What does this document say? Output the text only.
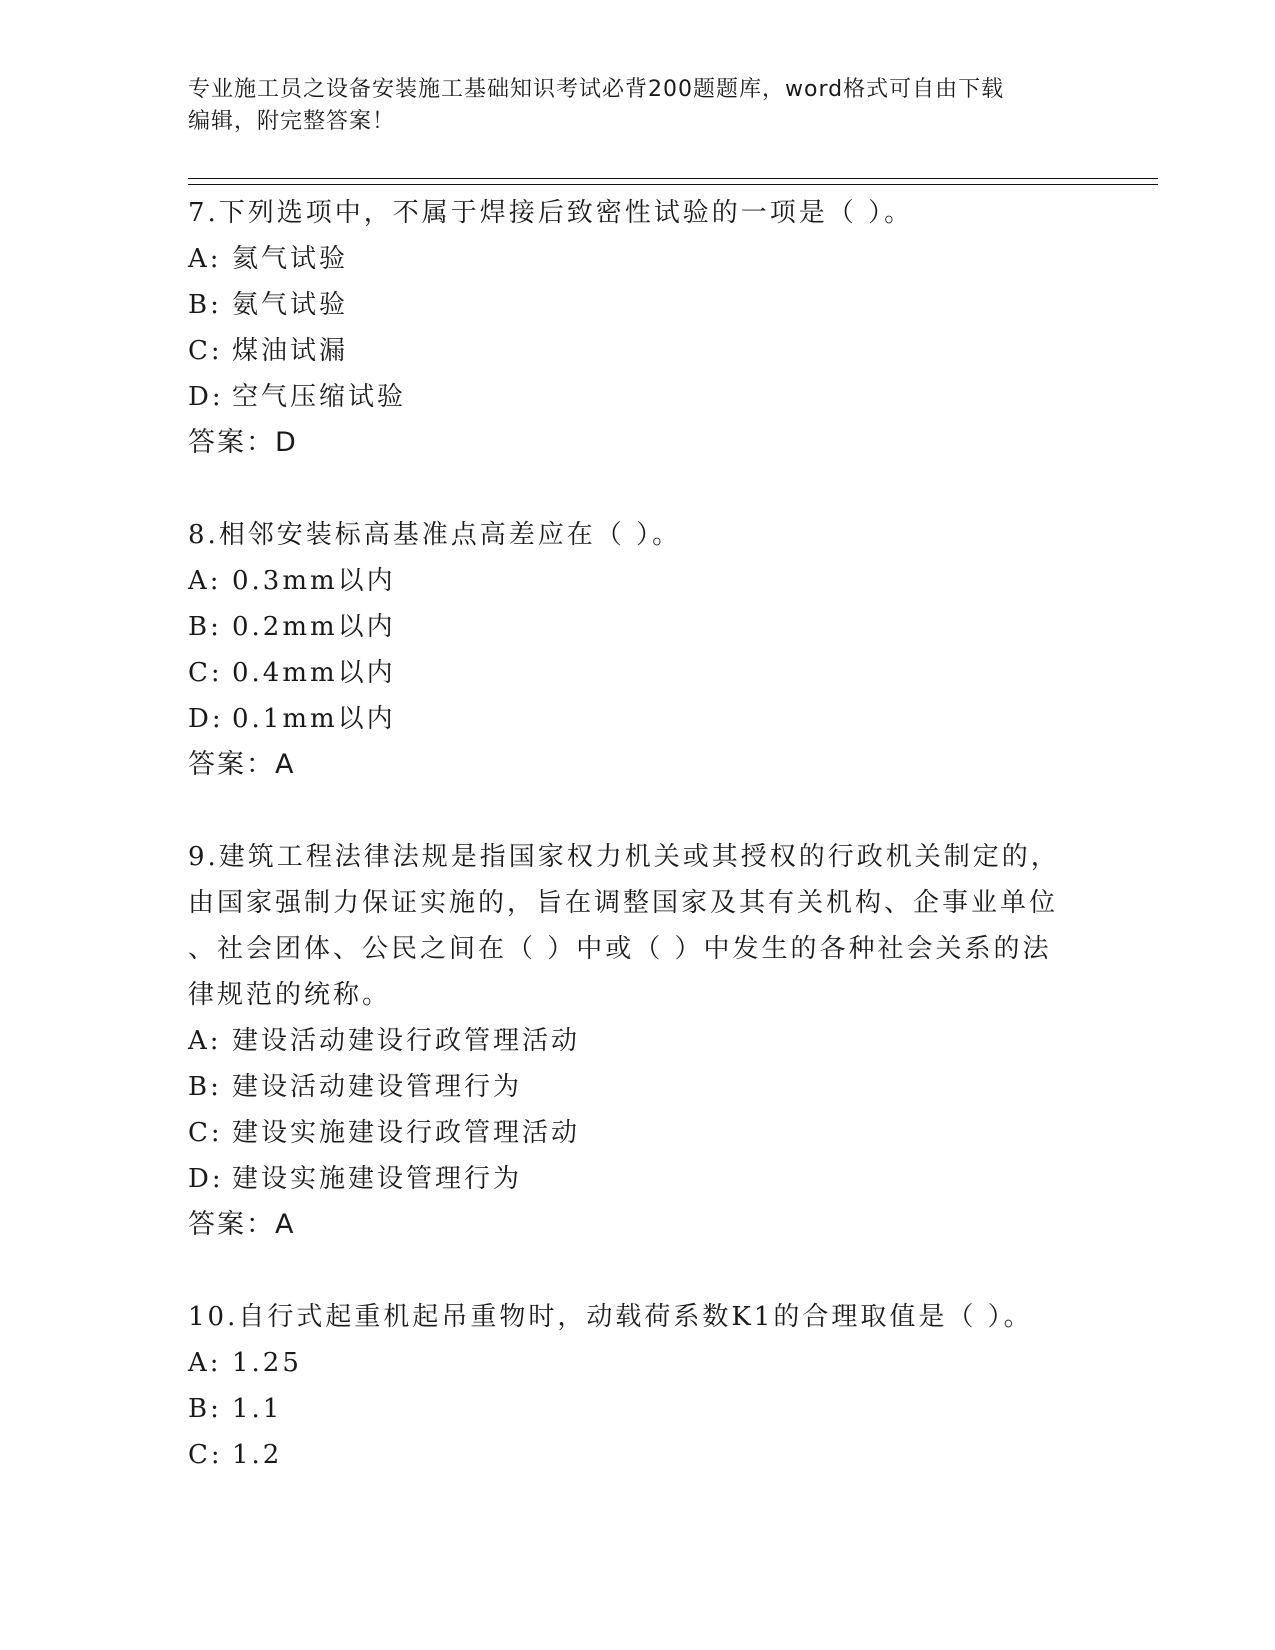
专业施工员之设备安装施工基础知识考试必背200题题库，word格式可自由下载
编辑，附完整答案！

7.下列选项中，不属于焊接后致密性试验的一项是（ ）。

A: 氦气试验

B: 氨气试验

C: 煤油试漏

D: 空气压缩试验

答案：D

8.相邻安装标高基准点高差应在（ ）。

A: 0.3mm以内

B: 0.2mm以内

C: 0.4mm以内

D: 0.1mm以内

答案：A

9.建筑工程法律法规是指国家权力机关或其授权的行政机关制定的，

由国家强制力保证实施的，旨在调整国家及其有关机构、企事业单位

、社会团体、公民之间在（ ）中或（ ）中发生的各种社会关系的法

律规范的统称。

A: 建设活动建设行政管理活动

B: 建设活动建设管理行为

C: 建设实施建设行政管理活动

D: 建设实施建设管理行为

答案：A

10.自行式起重机起吊重物时，动载荷系数K1的合理取值是（ ）。

A: 1.25

B: 1.1

C: 1.2
